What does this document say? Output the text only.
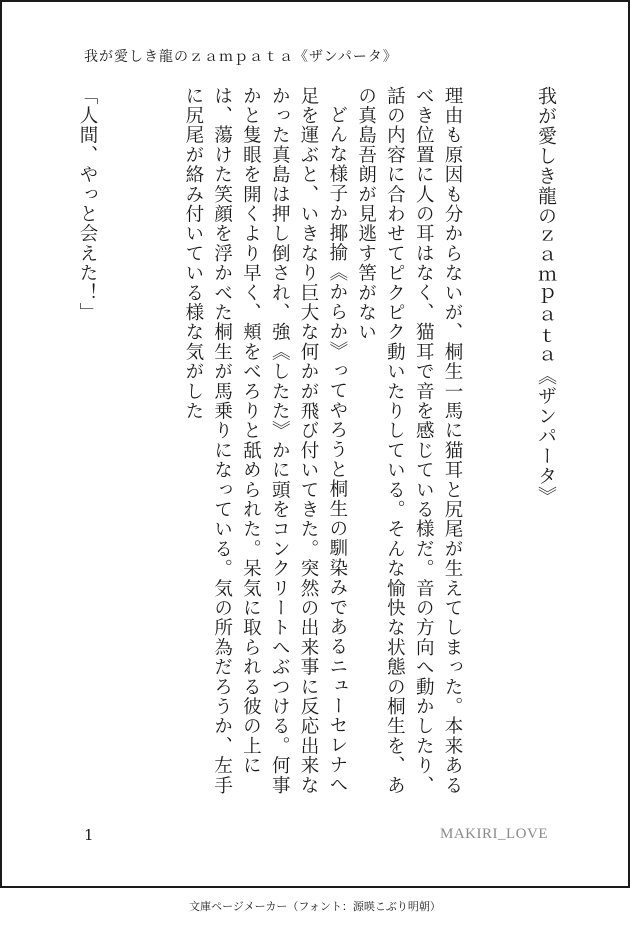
我が愛しき龍のｚａｍｐａｔａ《ザンパータ》
我が愛しき龍のｚａｍｐａｔａ《ザンパータ》

理由も原因も分からないが、桐生一馬に猫耳と尻尾が生えてしまった。本来あるべき位置に人の耳はなく、猫耳で音を感じている様だ。音の方向へ動かしたり、話の内容に合わせてピクピク動いたりしている。そんな愉快な状態の桐生を、あの真島吾朗が見逃す筈がない

どんな様子か揶揄《からか》ってやろうと桐生の馴染みであるニューセレナへ足を運ぶと、いきなり巨大な何かが飛び付いてきた。突然の出来事に反応出来なかった真島は押し倒され、強《したた》かに頭をコンクリートへぶつける。何事かと隻眼を開くより早く、頬をべろりと舐められた。呆気に取られる彼の上には、蕩けた笑顔を浮かべた桐生が馬乗りになっている。気の所為だろうか、左手に尻尾が絡み付いている様な気がした

「人間、やっと会えた！」
1	MAKIRI_LOVE
文庫ページメーカー（フォント：源暎こぶり明朝）
